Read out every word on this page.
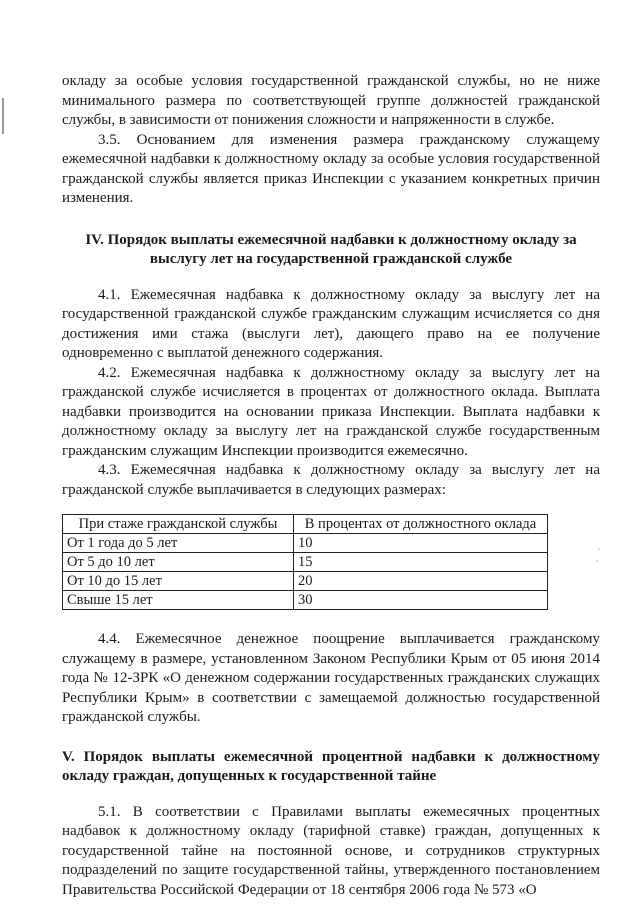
окладу за особые условия государственной гражданской службы, но не ниже минимального размера по соответствующей группе должностей гражданской службы, в зависимости от понижения сложности и напряженности в службе.

3.5. Основанием для изменения размера гражданскому служащему ежемесячной надбавки к должностному окладу за особые условия государственной гражданской службы является приказ Инспекции с указанием конкретных причин изменения.

IV. Порядок выплаты ежемесячной надбавки к должностному окладу за выслугу лет на государственной гражданской службе

4.1. Ежемесячная надбавка к должностному окладу за выслугу лет на государственной гражданской службе гражданским служащим исчисляется со дня достижения ими стажа (выслуги лет), дающего право на ее получение одновременно с выплатой денежного содержания.

4.2. Ежемесячная надбавка к должностному окладу за выслугу лет на гражданской службе исчисляется в процентах от должностного оклада. Выплата надбавки производится на основании приказа Инспекции. Выплата надбавки к должностному окладу за выслугу лет на гражданской службе государственным гражданским служащим Инспекции производится ежемесячно.

4.3. Ежемесячная надбавка к должностному окладу за выслугу лет на гражданской службе выплачивается в следующих размерах:

При стаже гражданской службы	В процентах от должностного оклада
От 1 года до 5 лет	10
От 5 до 10 лет	15
От 10 до 15 лет	20
Свыше 15 лет	30

4.4. Ежемесячное денежное поощрение выплачивается гражданскому служащему в размере, установленном Законом Республики Крым от 05 июня 2014 года № 12-ЗРК «О денежном содержании государственных гражданских служащих Республики Крым» в соответствии с замещаемой должностью государственной гражданской службы.

V. Порядок выплаты ежемесячной процентной надбавки к должностному окладу граждан, допущенных к государственной тайне

5.1. В соответствии с Правилами выплаты ежемесячных процентных надбавок к должностному окладу (тарифной ставке) граждан, допущенных к государственной тайне на постоянной основе, и сотрудников структурных подразделений по защите государственной тайны, утвержденного постановлением Правительства Российской Федерации от 18 сентября 2006 года № 573 «О
